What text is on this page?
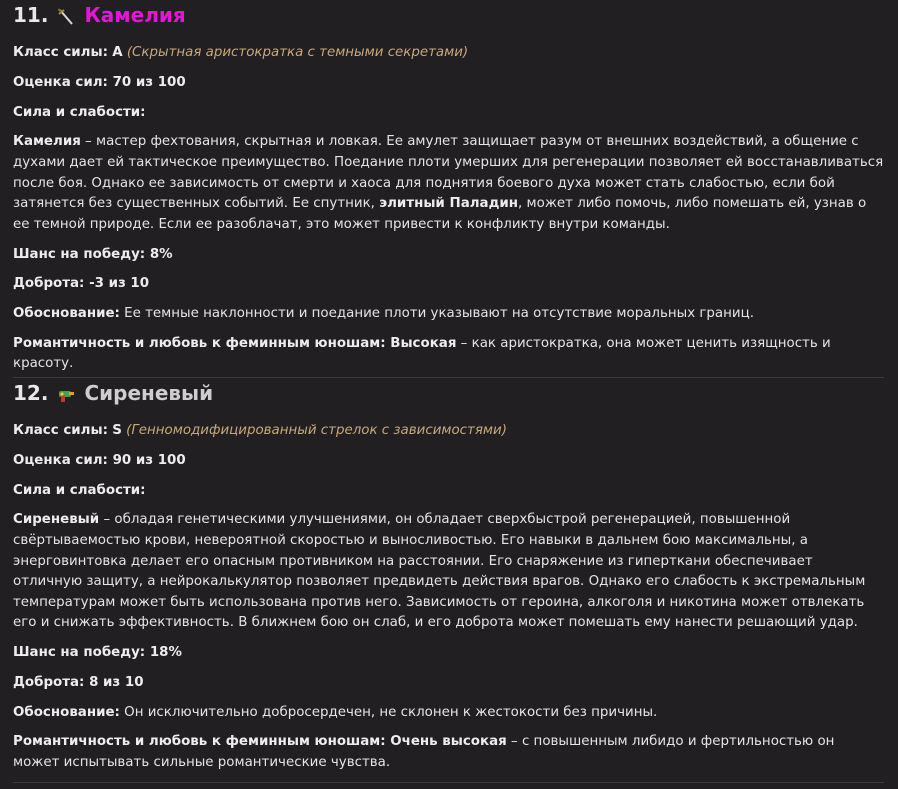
11. Камелия

Класс силы: A (Скрытная аристократка с темными секретами)

Оценка сил: 70 из 100

Сила и слабости:

Камелия – мастер фехтования, скрытная и ловкая. Ее амулет защищает разум от внешних воздействий, а общение с духами дает ей тактическое преимущество. Поедание плоти умерших для регенерации позволяет ей восстанавливаться после боя. Однако ее зависимость от смерти и хаоса для поднятия боевого духа может стать слабостью, если бой затянется без существенных событий. Ее спутник, элитный Паладин, может либо помочь, либо помешать ей, узнав о ее темной природе. Если ее разоблачат, это может привести к конфликту внутри команды.

Шанс на победу: 8%

Доброта: -3 из 10

Обоснование: Ее темные наклонности и поедание плоти указывают на отсутствие моральных границ.

Романтичность и любовь к феминным юношам: Высокая – как аристократка, она может ценить изящность и красоту.

12. Сиреневый

Класс силы: S (Генномодифицированный стрелок с зависимостями)

Оценка сил: 90 из 100

Сила и слабости:

Сиреневый – обладая генетическими улучшениями, он обладает сверхбыстрой регенерацией, повышенной свёртываемостью крови, невероятной скоростью и выносливостью. Его навыки в дальнем бою максимальны, а энерговинтовка делает его опасным противником на расстоянии. Его снаряжение из гиперткани обеспечивает отличную защиту, а нейрокалькулятор позволяет предвидеть действия врагов. Однако его слабость к экстремальным температурам может быть использована против него. Зависимость от героина, алкоголя и никотина может отвлекать его и снижать эффективность. В ближнем бою он слаб, и его доброта может помешать ему нанести решающий удар.

Шанс на победу: 18%

Доброта: 8 из 10

Обоснование: Он исключительно добросердечен, не склонен к жестокости без причины.

Романтичность и любовь к феминным юношам: Очень высокая – с повышенным либидо и фертильностью он может испытывать сильные романтические чувства.
